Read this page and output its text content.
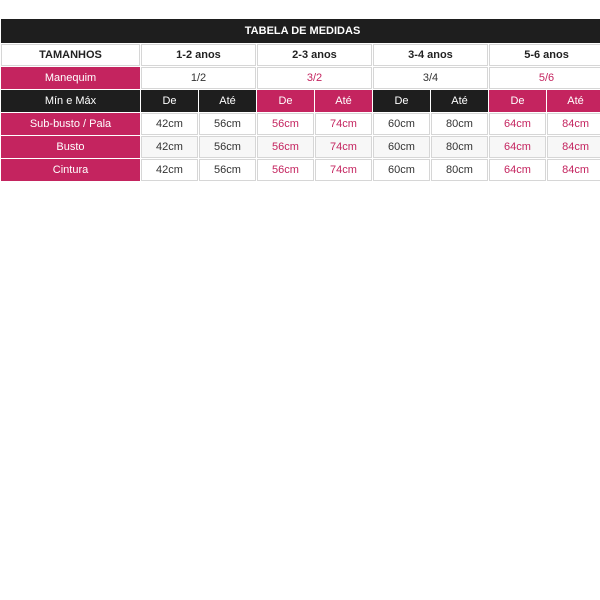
TABELA DE MEDIDAS								
TAMANHOS	1-2 anos		2-3 anos		3-4 anos		5-6 anos	
Manequim	1/2		3/2		3/4		5/6	
Mín e Máx	De	Até	De	Até	De	Até	De	Até
Sub-busto / Pala	42cm	56cm	56cm	74cm	60cm	80cm	64cm	84cm
Busto	42cm	56cm	56cm	74cm	60cm	80cm	64cm	84cm
Cintura	42cm	56cm	56cm	74cm	60cm	80cm	64cm	84cm
